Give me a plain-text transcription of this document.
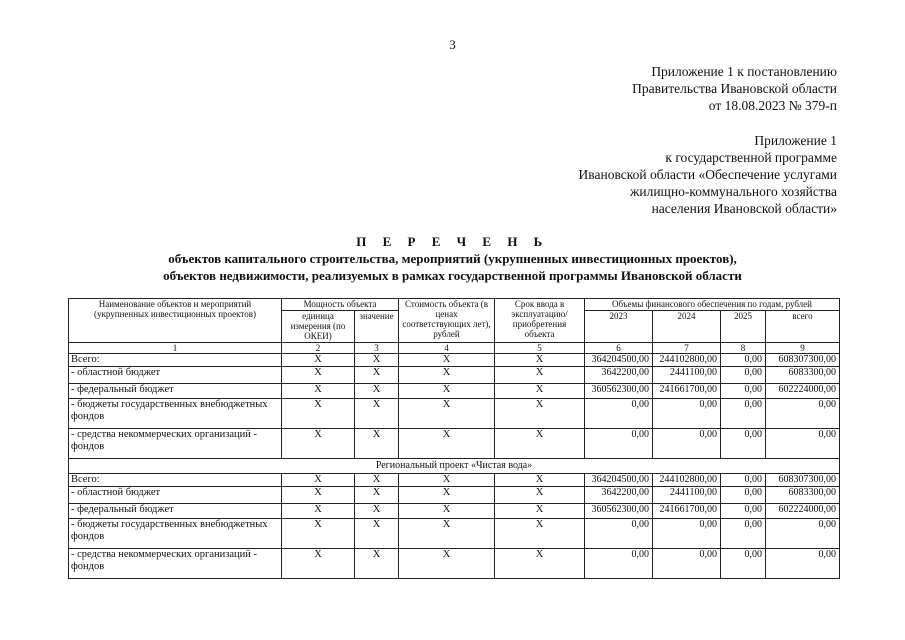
3
Приложение 1 к постановлению
Правительства Ивановской области
от 18.08.2023 № 379-п
Приложение 1
к государственной программе
Ивановской области «Обеспечение услугами
жилищно-коммунального хозяйства
населения Ивановской области»
П Е Р Е Ч Е Н Ь
объектов капитального строительства, мероприятий (укрупненных инвестиционных проектов),
объектов недвижимости, реализуемых в рамках государственной программы Ивановской области
Наименование объектов и мероприятий (укрупненных инвестиционных проектов)	Мощность объекта		Стоимость объекта (в ценах соответствующих лет), рублей	Срок ввода в эксплуатацию/ приобретения объекта	Объемы финансового обеспечения по годам, рублей			
	единица измерения (по ОКЕИ)	значение			2023	2024	2025	всего
1	2	3	4	5	6	7	8	9
Всего:	Х	Х	Х	Х	364204500,00	244102800,00	0,00	608307300,00
- областной бюджет	Х	Х	Х	Х	3642200,00	2441100,00	0,00	6083300,00
- федеральный бюджет	Х	Х	Х	Х	360562300,00	241661700,00	0,00	602224000,00
- бюджеты государственных внебюджетных фондов	Х	Х	Х	Х	0,00	0,00	0,00	0,00
- средства некоммерческих организаций - фондов	Х	Х	Х	Х	0,00	0,00	0,00	0,00
Региональный проект «Чистая вода»								
Всего:	Х	Х	Х	Х	364204500,00	244102800,00	0,00	608307300,00
- областной бюджет	Х	Х	Х	Х	3642200,00	2441100,00	0,00	6083300,00
- федеральный бюджет	Х	Х	Х	Х	360562300,00	241661700,00	0,00	602224000,00
- бюджеты государственных внебюджетных фондов	Х	Х	Х	Х	0,00	0,00	0,00	0,00
- средства некоммерческих организаций - фондов	Х	Х	Х	Х	0,00	0,00	0,00	0,00
